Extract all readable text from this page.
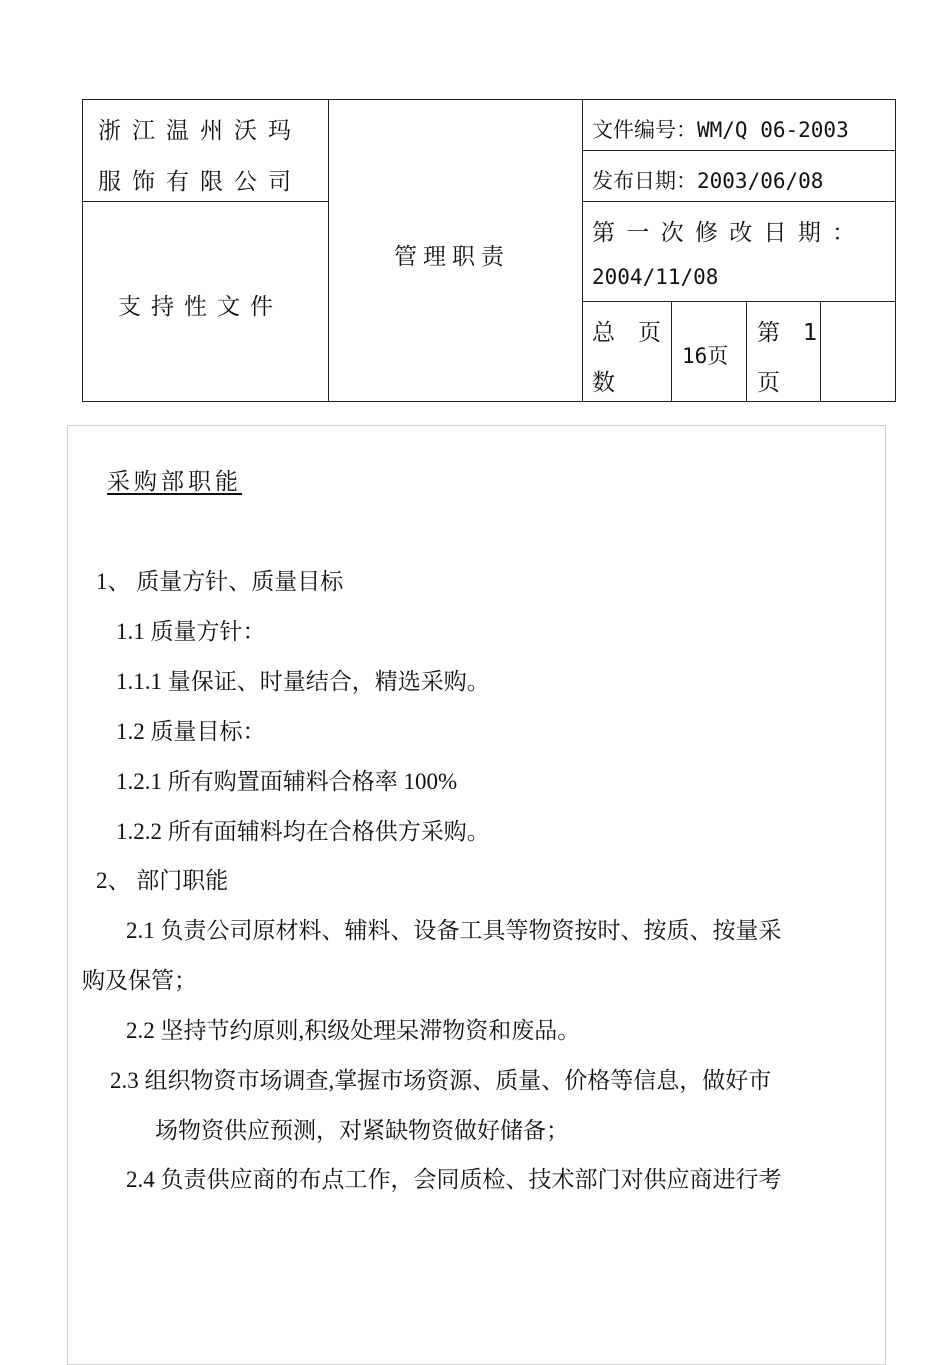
浙江温州沃玛
服饰有限公司
支持性文件
管理职责
文件编号：WM/Q 06-2003
发布日期：2003/06/08
第 一 次 修 改 日 期 ：
2004/11/08
总　页
数
16页
第　1
页
采购部职能
1、 质量方针、质量目标
1.1 质量方针：
1.1.1 量保证、时量结合，精选采购。
1.2 质量目标：
1.2.1 所有购置面辅料合格率 100%
1.2.2 所有面辅料均在合格供方采购。
2、 部门职能
2.1 负责公司原材料、辅料、设备工具等物资按时、按质、按量采
购及保管；
2.2 坚持节约原则,积级处理呆滞物资和废品。
2.3 组织物资市场调查,掌握市场资源、质量、价格等信息，做好市
场物资供应预测，对紧缺物资做好储备；
2.4 负责供应商的布点工作，会同质检、技术部门对供应商进行考
